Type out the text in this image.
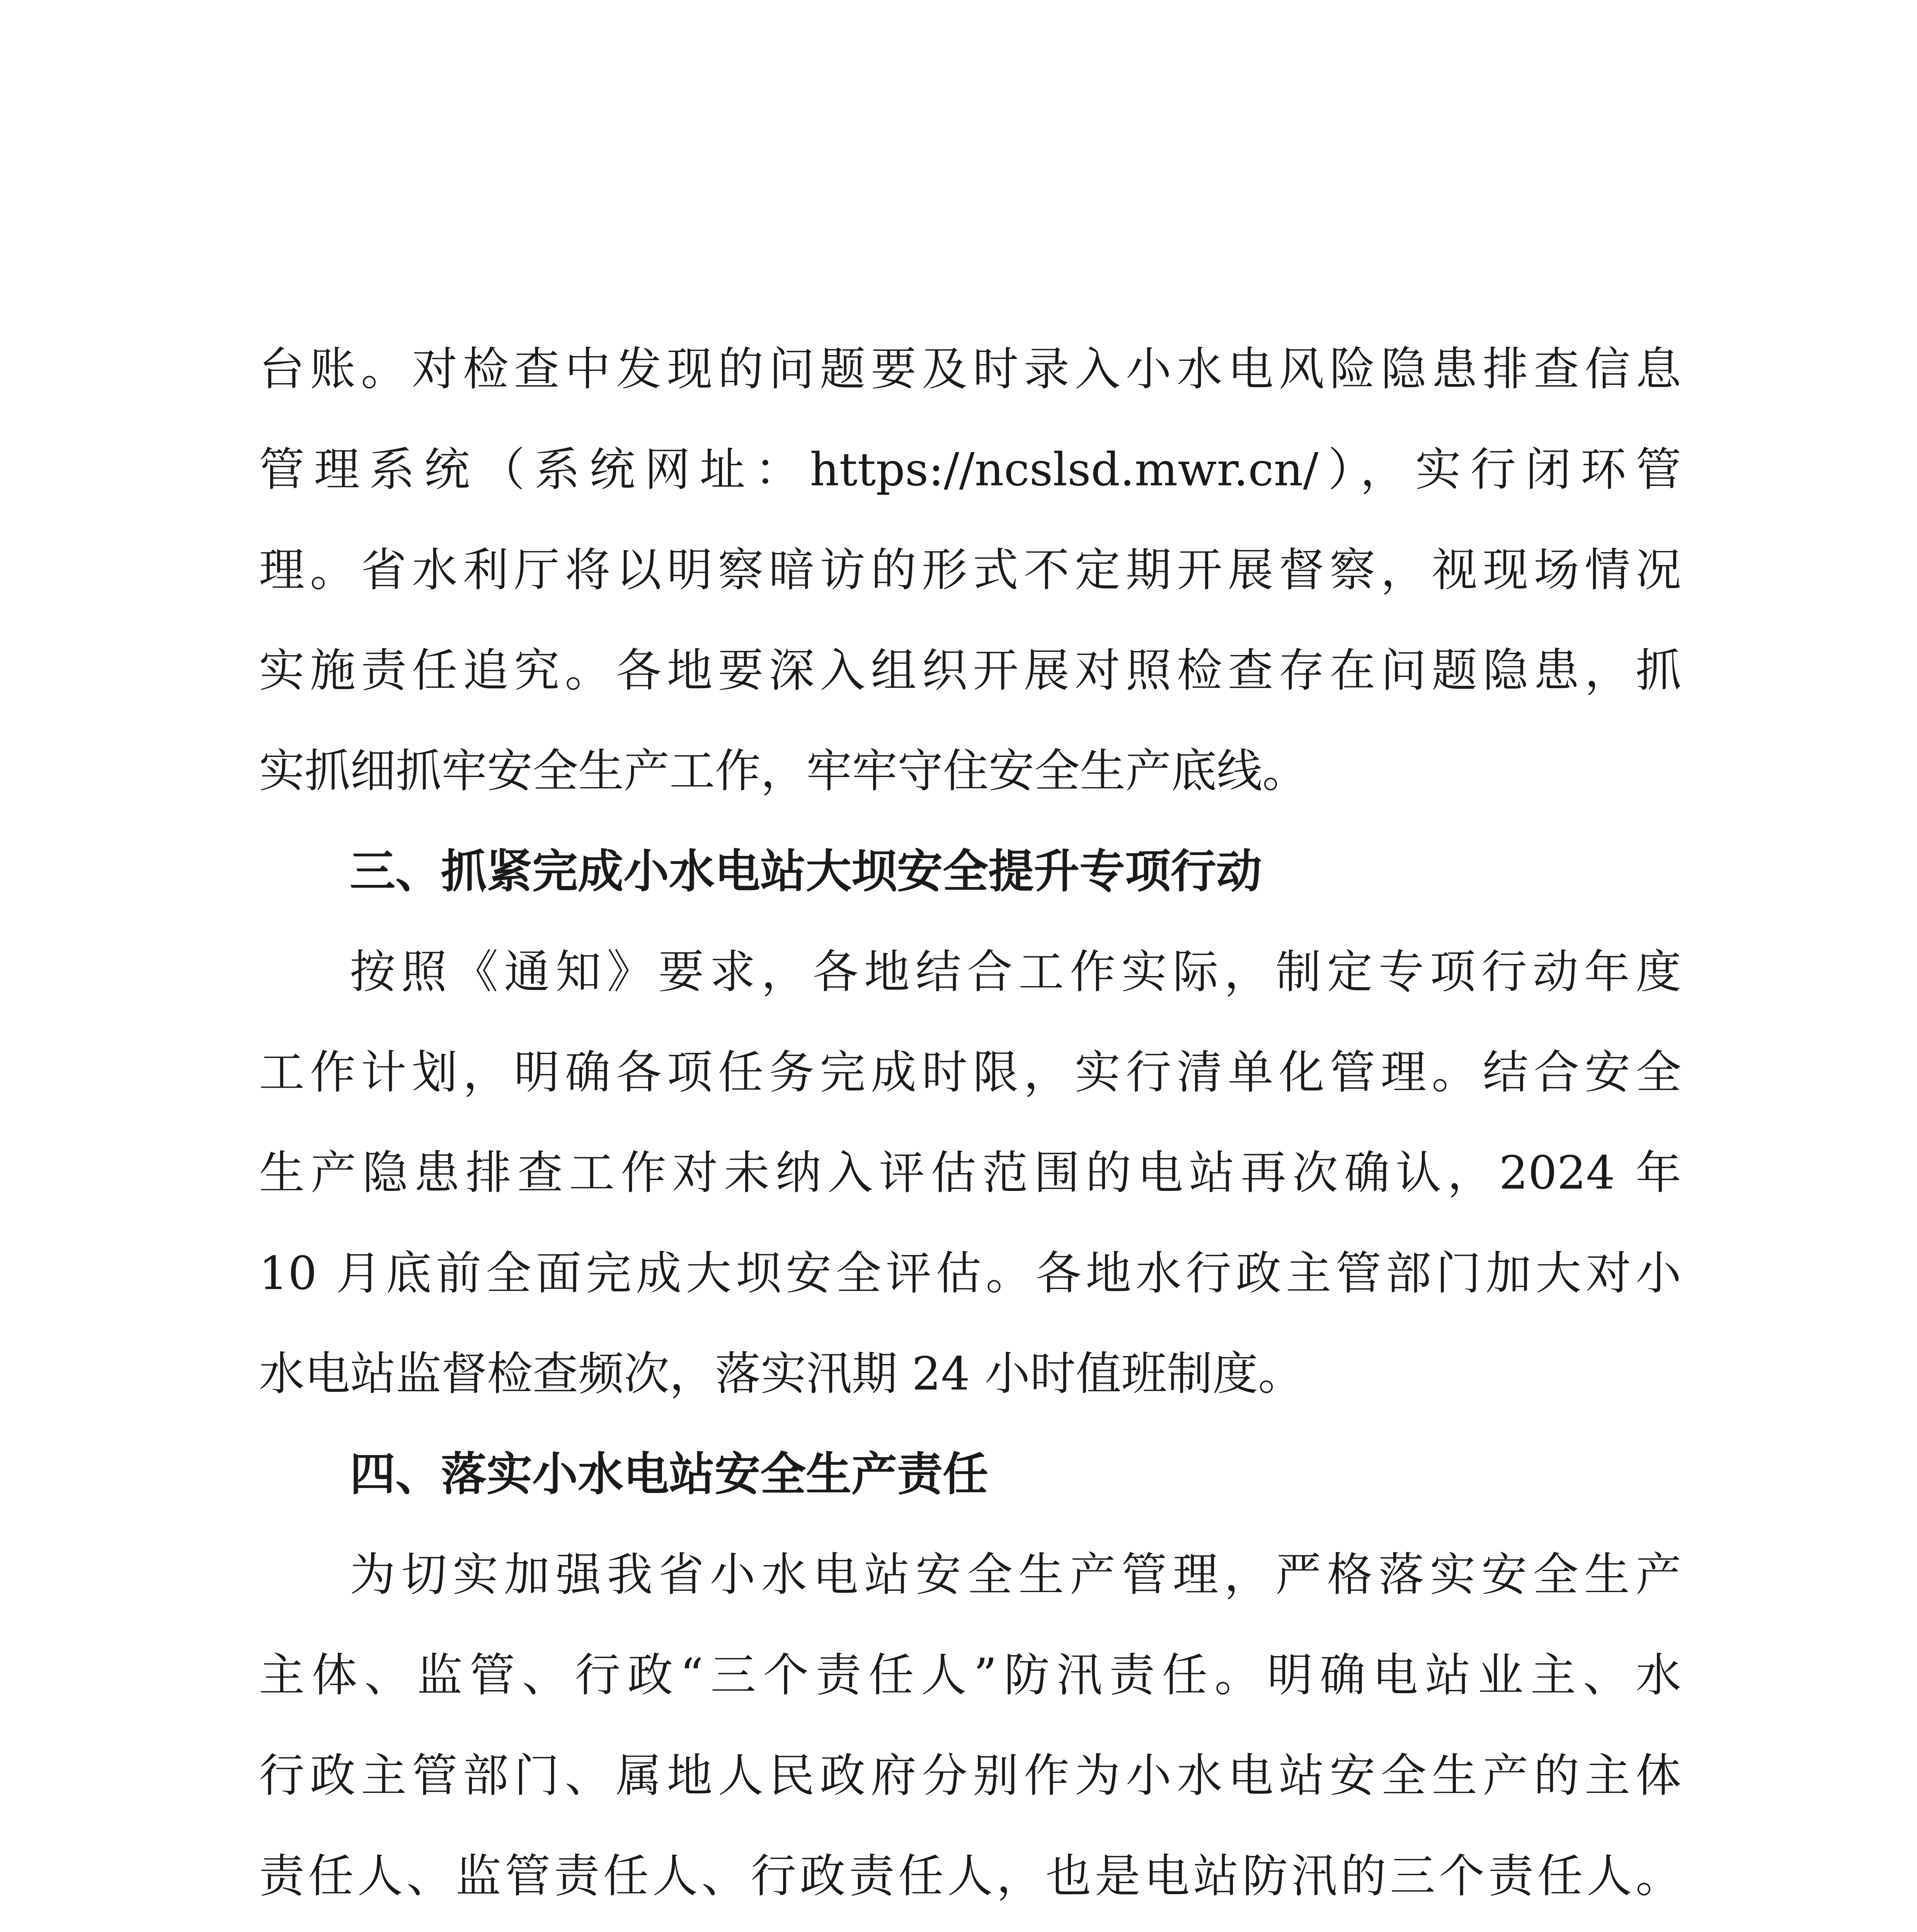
台账。对检查中发现的问题要及时录入小水电风险隐患排查信息
管理系统（系统网址：https://ncslsd.mwr.cn/），实行闭环管
理。省水利厅将以明察暗访的形式不定期开展督察，视现场情况
实施责任追究。各地要深入组织开展对照检查存在问题隐患，抓
实抓细抓牢安全生产工作，牢牢守住安全生产底线。
三、抓紧完成小水电站大坝安全提升专项行动
按照《通知》要求，各地结合工作实际，制定专项行动年度
工作计划，明确各项任务完成时限，实行清单化管理。结合安全
生产隐患排查工作对未纳入评估范围的电站再次确认，2024 年
10 月底前全面完成大坝安全评估。各地水行政主管部门加大对小
水电站监督检查频次，落实汛期 24 小时值班制度。
四、落实小水电站安全生产责任
为切实加强我省小水电站安全生产管理，严格落实安全生产
主体、监管、行政“三个责任人”防汛责任。明确电站业主、水
行政主管部门、属地人民政府分别作为小水电站安全生产的主体
责任人、监管责任人、行政责任人，也是电站防汛的三个责任人。
